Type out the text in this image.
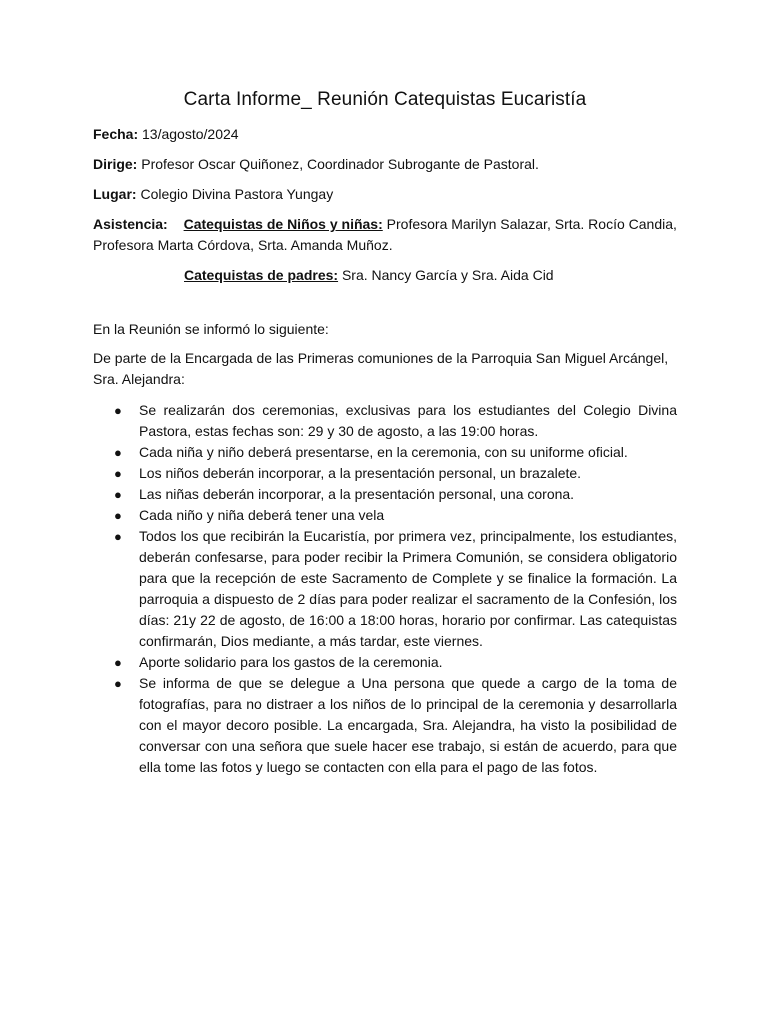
Carta Informe_ Reunión Catequistas Eucaristía

Fecha: 13/agosto/2024

Dirige: Profesor Oscar Quiñonez, Coordinador Subrogante de Pastoral.

Lugar: Colegio Divina Pastora Yungay

Asistencia: Catequistas de Niños y niñas: Profesora Marilyn Salazar, Srta. Rocío Candia, Profesora Marta Córdova, Srta. Amanda Muñoz.

Catequistas de padres: Sra. Nancy García y Sra. Aida Cid

En la Reunión se informó lo siguiente:

De parte de la Encargada de las Primeras comuniones de la Parroquia San Miguel Arcángel, Sra. Alejandra:

● Se realizarán dos ceremonias, exclusivas para los estudiantes del Colegio Divina Pastora, estas fechas son: 29 y 30 de agosto, a las 19:00 horas.
● Cada niña y niño deberá presentarse, en la ceremonia, con su uniforme oficial.
● Los niños deberán incorporar, a la presentación personal, un brazalete.
● Las niñas deberán incorporar, a la presentación personal, una corona.
● Cada niño y niña deberá tener una vela
● Todos los que recibirán la Eucaristía, por primera vez, principalmente, los estudiantes, deberán confesarse, para poder recibir la Primera Comunión, se considera obligatorio para que la recepción de este Sacramento de Complete y se finalice la formación. La parroquia a dispuesto de 2 días para poder realizar el sacramento de la Confesión, los días: 21y 22 de agosto, de 16:00 a 18:00 horas, horario por confirmar. Las catequistas confirmarán, Dios mediante, a más tardar, este viernes.
● Aporte solidario para los gastos de la ceremonia.
● Se informa de que se delegue a Una persona que quede a cargo de la toma de fotografías, para no distraer a los niños de lo principal de la ceremonia y desarrollarla con el mayor decoro posible. La encargada, Sra. Alejandra, ha visto la posibilidad de conversar con una señora que suele hacer ese trabajo, si están de acuerdo, para que ella tome las fotos y luego se contacten con ella para el pago de las fotos.
